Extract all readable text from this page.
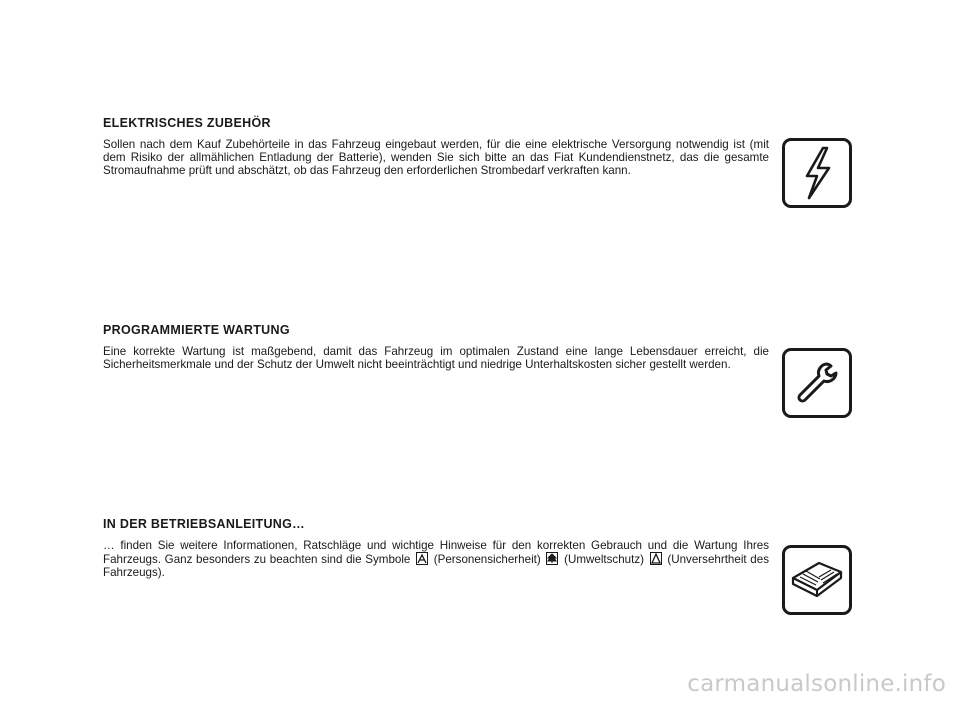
ELEKTRISCHES ZUBEHÖR

Sollen nach dem Kauf Zubehörteile in das Fahrzeug eingebaut werden, für die eine elektrische Versorgung notwendig ist (mit dem Risiko der allmählichen Entladung der Batterie), wenden Sie sich bitte an das Fiat Kundendienstnetz, das die gesamte Stromaufnahme prüft und abschätzt, ob das Fahrzeug den erforderlichen Strombedarf verkraften kann.

PROGRAMMIERTE WARTUNG

Eine korrekte Wartung ist maßgebend, damit das Fahrzeug im optimalen Zustand eine lange Lebensdauer erreicht, die Sicherheitsmerkmale und der Schutz der Umwelt nicht beeinträchtigt und niedrige Unterhaltskosten sicher gestellt werden.

IN DER BETRIEBSANLEITUNG…

… finden Sie weitere Informationen, Ratschläge und wichtige Hinweise für den korrekten Gebrauch und die Wartung Ihres Fahrzeugs. Ganz besonders zu beachten sind die Symbole (Personensicherheit) (Umweltschutz) (Unversehrtheit des Fahrzeugs).

carmanualsonline.info
